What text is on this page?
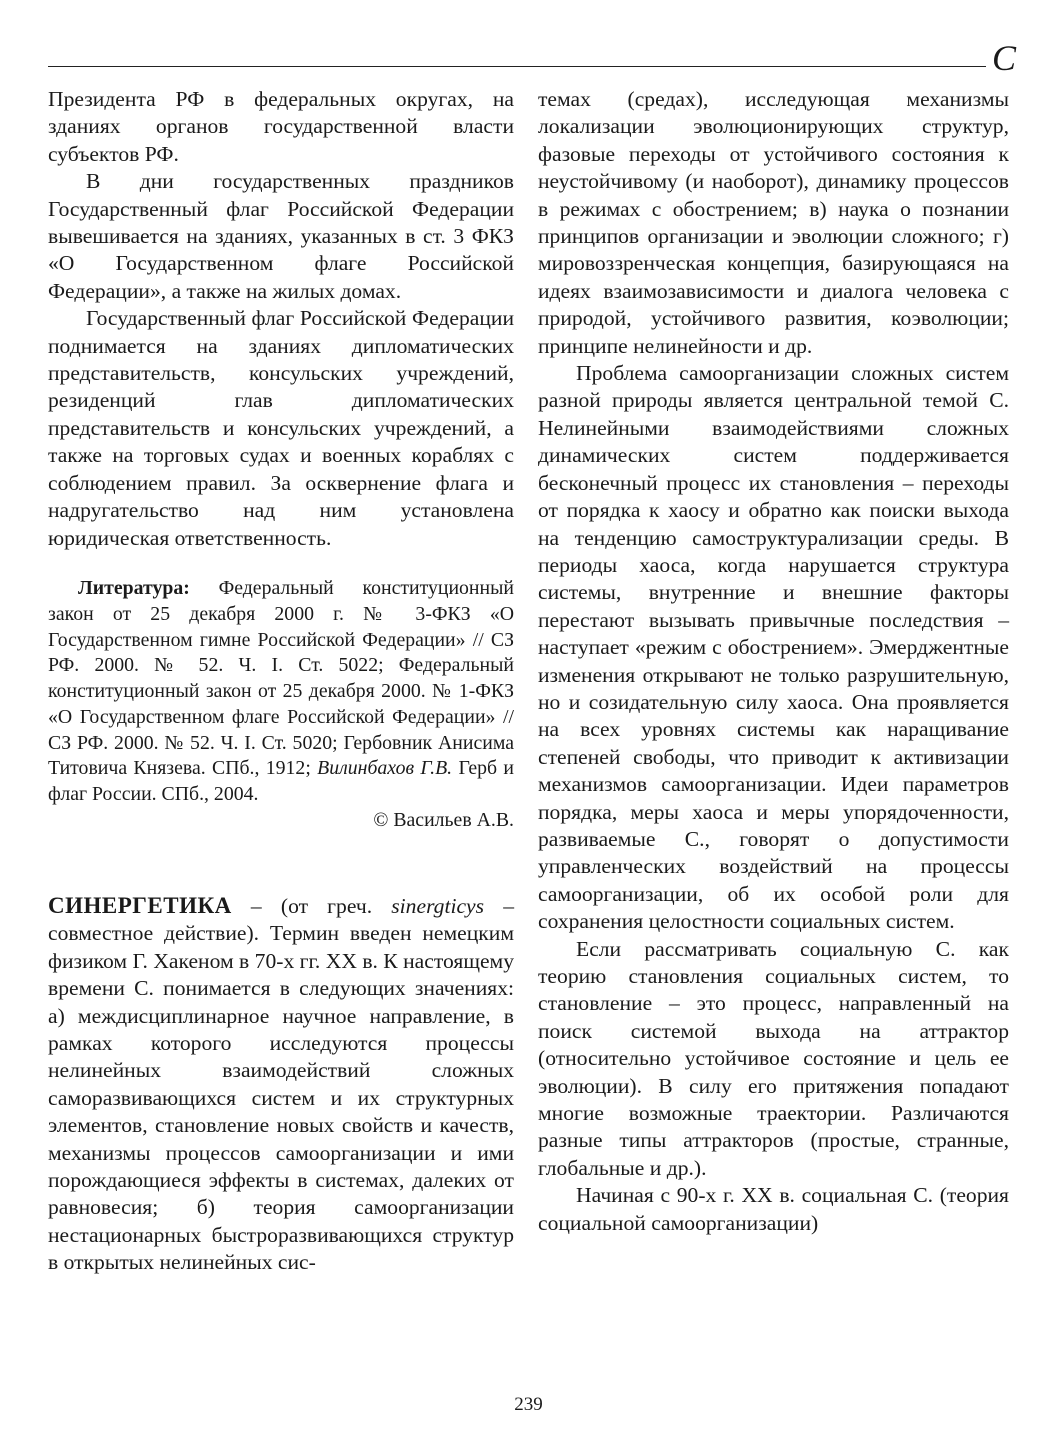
С

Президента РФ в федеральных округах, на зданиях органов государственной власти субъектов РФ.

В дни государственных праздников Государственный флаг Российской Федерации вывешивается на зданиях, указанных в ст. 3 ФКЗ «О Государственном флаге Российской Федерации», а также на жилых домах.

Государственный флаг Российской Федерации поднимается на зданиях дипломатических представительств, консульских учреждений, резиденций глав дипломатических представительств и консульских учреждений, а также на торговых судах и военных кораблях с соблюдением правил. За осквернение флага и надругательство над ним установлена юридическая ответственность.

Литература: Федеральный конституционный закон от 25 декабря 2000 г. № 3-ФКЗ «О Государственном гимне Российской Федерации» // СЗ РФ. 2000. № 52. Ч. I. Ст. 5022; Федеральный конституционный закон от 25 декабря 2000. № 1-ФКЗ «О Государственном флаге Российской Федерации» // СЗ РФ. 2000. № 52. Ч. I. Ст. 5020; Гербовник Анисима Титовича Князева. СПб., 1912; Вилинбахов Г.В. Герб и флаг России. СПб., 2004.

© Васильев А.В.

СИНЕРГЕТИКА – (от греч. sinergticys – совместное действие). Термин введен немецким физиком Г. Хакеном в 70-х гг. XX в. К настоящему времени С. понимается в следующих значениях: а) междисциплинарное научное направление, в рамках которого исследуются процессы нелинейных взаимодействий сложных саморазвивающихся систем и их структурных элементов, становление новых свойств и качеств, механизмы процессов самоорганизации и ими порождающиеся эффекты в системах, далеких от равновесия; б) теория самоорганизации нестационарных быстроразвивающихся структур в открытых нелинейных сис-

темах (средах), исследующая механизмы локализации эволюционирующих структур, фазовые переходы от устойчивого состояния к неустойчивому (и наоборот), динамику процессов в режимах с обострением; в) наука о познании принципов организации и эволюции сложного; г) мировоззренческая концепция, базирующаяся на идеях взаимозависимости и диалога человека с природой, устойчивого развития, коэволюции; принципе нелинейности и др.

Проблема самоорганизации сложных систем разной природы является центральной темой С. Нелинейными взаимодействиями сложных динамических систем поддерживается бесконечный процесс их становления – переходы от порядка к хаосу и обратно как поиски выхода на тенденцию самоструктурализации среды. В периоды хаоса, когда нарушается структура системы, внутренние и внешние факторы перестают вызывать привычные последствия – наступает «режим с обострением». Эмерджентные изменения открывают не только разрушительную, но и созидательную силу хаоса. Она проявляется на всех уровнях системы как наращивание степеней свободы, что приводит к активизации механизмов самоорганизации. Идеи параметров порядка, меры хаоса и меры упорядоченности, развиваемые С., говорят о допустимости управленческих воздействий на процессы самоорганизации, об их особой роли для сохранения целостности социальных систем.

Если рассматривать социальную С. как теорию становления социальных систем, то становление – это процесс, направленный на поиск системой выхода на аттрактор (относительно устойчивое состояние и цель ее эволюции). В силу его притяжения попадают многие возможные траектории. Различаются разные типы аттракторов (простые, странные, глобальные и др.).

Начиная с 90-х г. XX в. социальная С. (теория социальной самоорганизации)

239
